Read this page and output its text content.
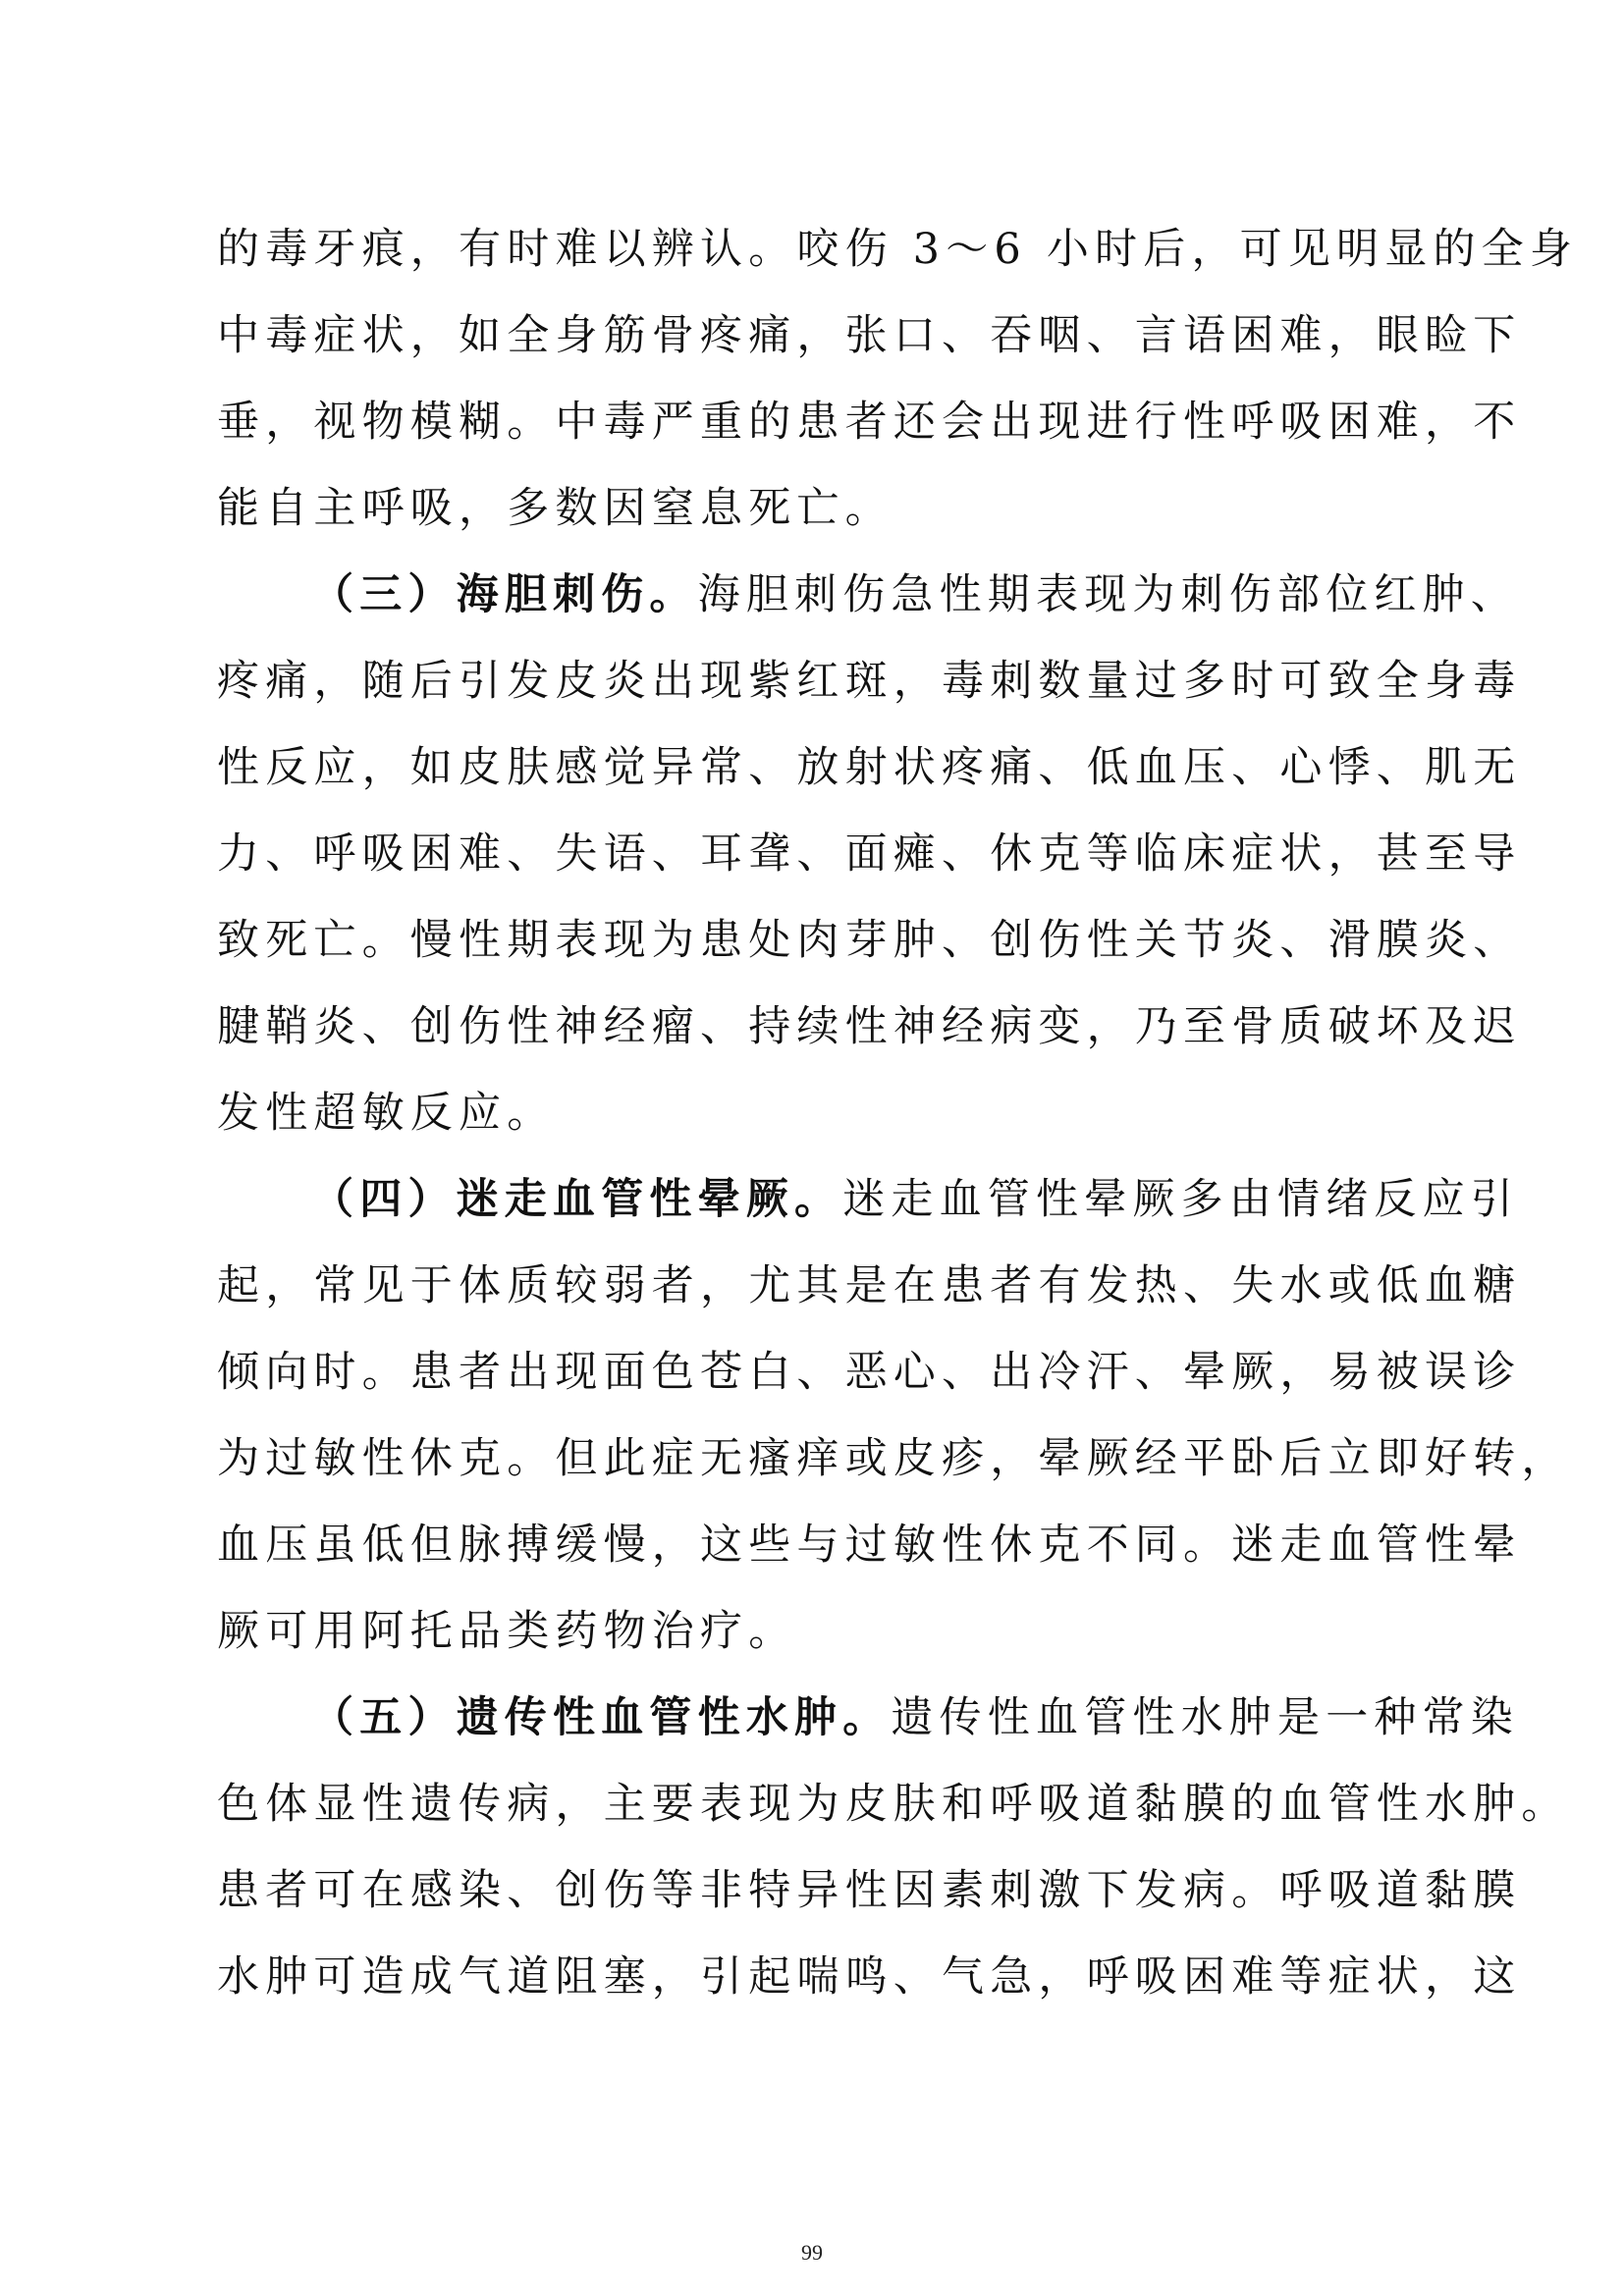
的毒牙痕，有时难以辨认。咬伤 3～6 小时后，可见明显的全身
中毒症状，如全身筋骨疼痛，张口、吞咽、言语困难，眼睑下
垂，视物模糊。中毒严重的患者还会出现进行性呼吸困难，不
能自主呼吸，多数因窒息死亡。
（三）海胆刺伤。海胆刺伤急性期表现为刺伤部位红肿、
疼痛，随后引发皮炎出现紫红斑，毒刺数量过多时可致全身毒
性反应，如皮肤感觉异常、放射状疼痛、低血压、心悸、肌无
力、呼吸困难、失语、耳聋、面瘫、休克等临床症状，甚至导
致死亡。慢性期表现为患处肉芽肿、创伤性关节炎、滑膜炎、
腱鞘炎、创伤性神经瘤、持续性神经病变，乃至骨质破坏及迟
发性超敏反应。
（四）迷走血管性晕厥。迷走血管性晕厥多由情绪反应引
起，常见于体质较弱者，尤其是在患者有发热、失水或低血糖
倾向时。患者出现面色苍白、恶心、出冷汗、晕厥，易被误诊
为过敏性休克。但此症无瘙痒或皮疹，晕厥经平卧后立即好转，
血压虽低但脉搏缓慢，这些与过敏性休克不同。迷走血管性晕
厥可用阿托品类药物治疗。
（五）遗传性血管性水肿。遗传性血管性水肿是一种常染
色体显性遗传病，主要表现为皮肤和呼吸道黏膜的血管性水肿。
患者可在感染、创伤等非特异性因素刺激下发病。呼吸道黏膜
水肿可造成气道阻塞，引起喘鸣、气急，呼吸困难等症状，这
99
